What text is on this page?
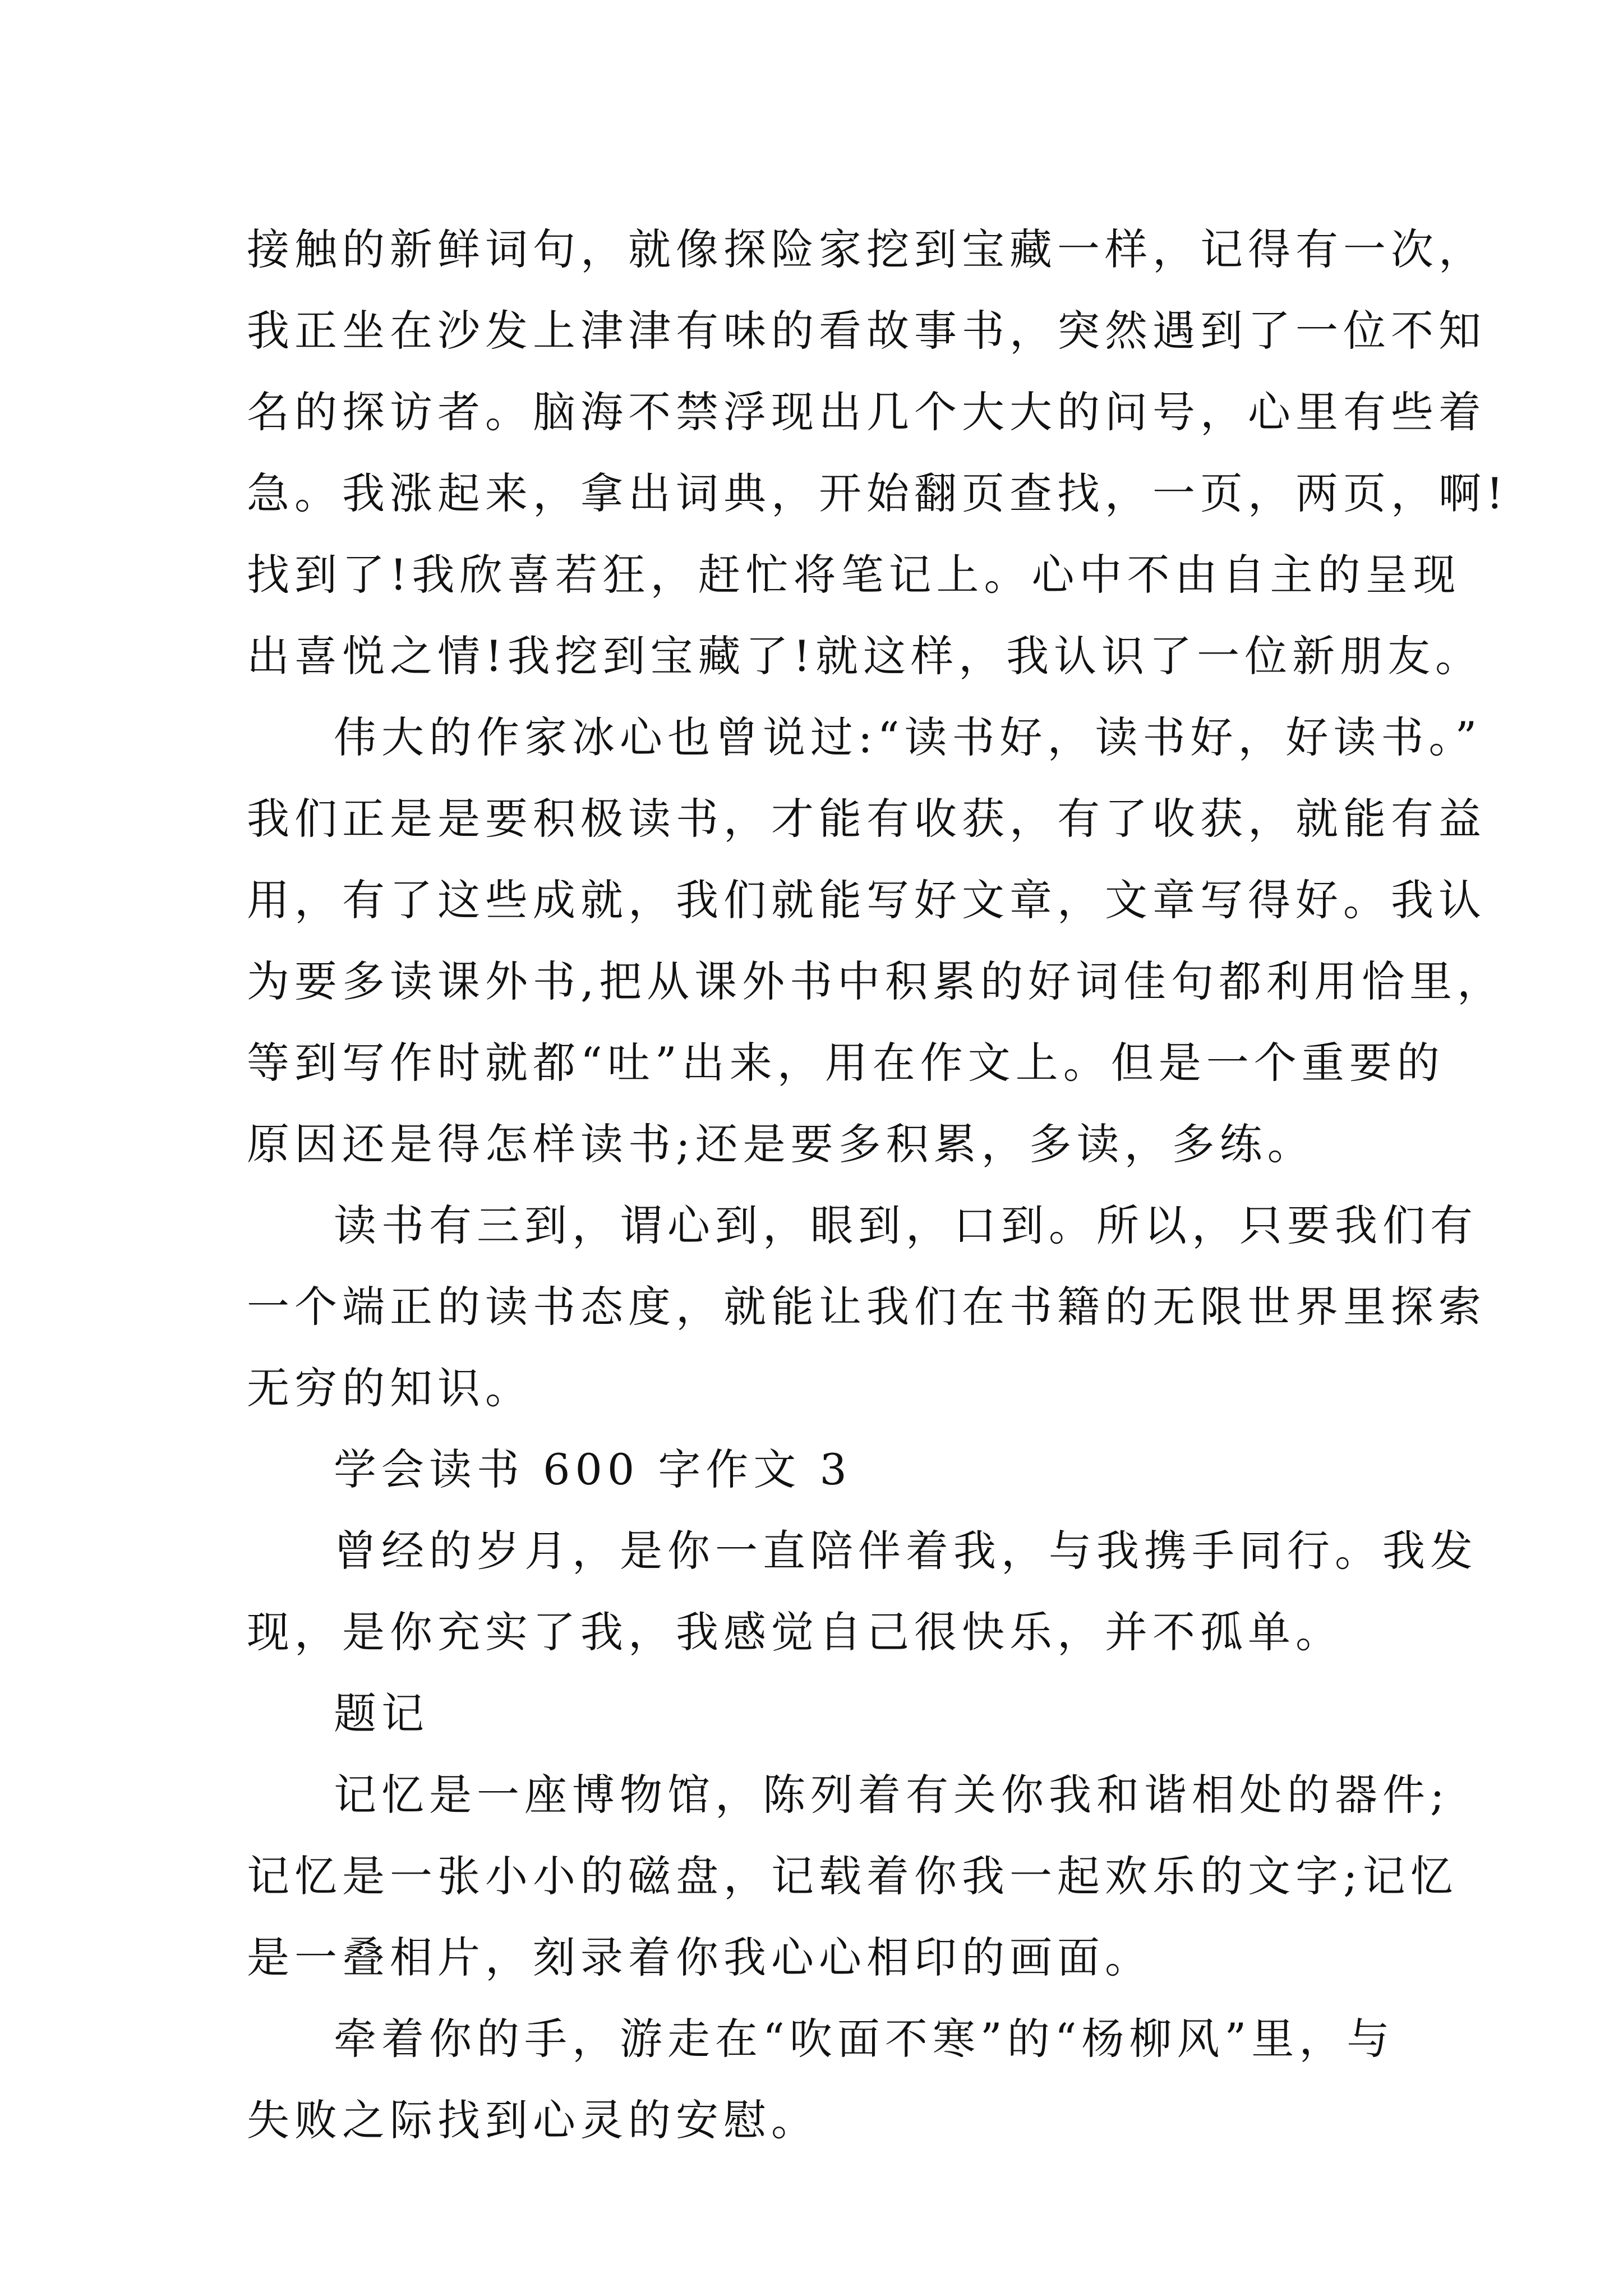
接触的新鲜词句，就像探险家挖到宝藏一样，记得有一次，
我正坐在沙发上津津有味的看故事书，突然遇到了一位不知
名的探访者。脑海不禁浮现出几个大大的问号，心里有些着
急。我涨起来，拿出词典，开始翻页查找，一页，两页，啊!
找到了!我欣喜若狂，赶忙将笔记上。心中不由自主的呈现
出喜悦之情!我挖到宝藏了!就这样，我认识了一位新朋友。
伟大的作家冰心也曾说过:“读书好，读书好，好读书。”
我们正是是要积极读书，才能有收获，有了收获，就能有益
用，有了这些成就，我们就能写好文章，文章写得好。我认
为要多读课外书,把从课外书中积累的好词佳句都利用恰里，
等到写作时就都“吐”出来，用在作文上。但是一个重要的
原因还是得怎样读书;还是要多积累，多读，多练。
读书有三到，谓心到，眼到，口到。所以，只要我们有
一个端正的读书态度，就能让我们在书籍的无限世界里探索
无穷的知识。
学会读书 600 字作文 3
曾经的岁月，是你一直陪伴着我，与我携手同行。我发
现，是你充实了我，我感觉自己很快乐，并不孤单。
题记
记忆是一座博物馆，陈列着有关你我和谐相处的器件;
记忆是一张小小的磁盘，记载着你我一起欢乐的文字;记忆
是一叠相片，刻录着你我心心相印的画面。
牵着你的手，游走在“吹面不寒”的“杨柳风”里，与
失败之际找到心灵的安慰。
